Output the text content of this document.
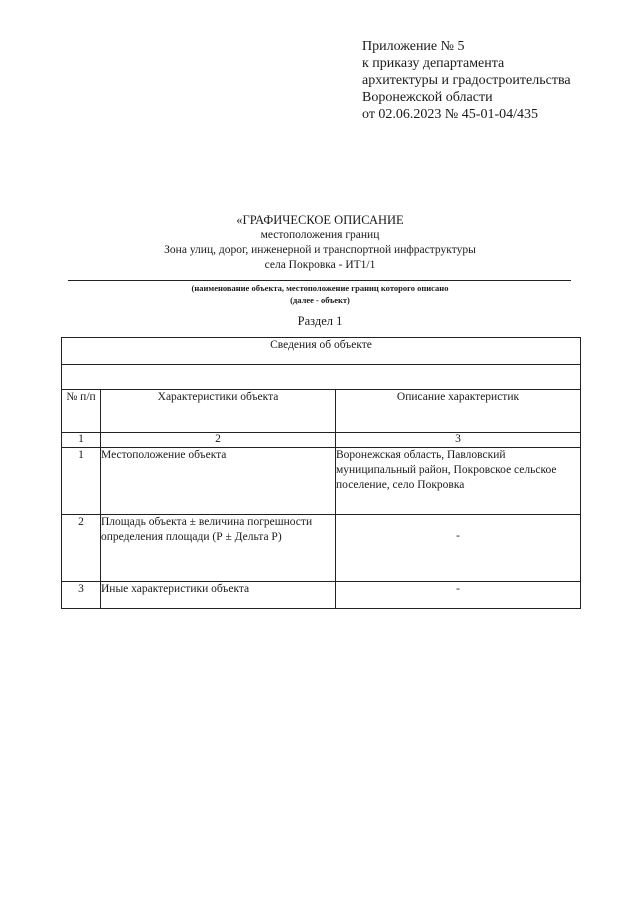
Приложение № 5
к приказу департамента
архитектуры и градостроительства
Воронежской области
от 02.06.2023 № 45-01-04/435
«ГРАФИЧЕСКОЕ ОПИСАНИЕ
местоположения границ
Зона улиц, дорог, инженерной и транспортной инфраструктуры
села Покровка - ИТ1/1
(наименование объекта, местоположение границ которого описано
(далее - объект)
Раздел 1
Сведения об объекте		

№ п/п	Характеристики объекта	Описание характеристик
1	2	3
1	Местоположение объекта	Воронежская область, Павловский муниципальный район, Покровское сельское поселение, село Покровка
2	Площадь объекта ± величина погрешности определения площади (Р ± Дельта Р)	-
3	Иные характеристики объекта	-
